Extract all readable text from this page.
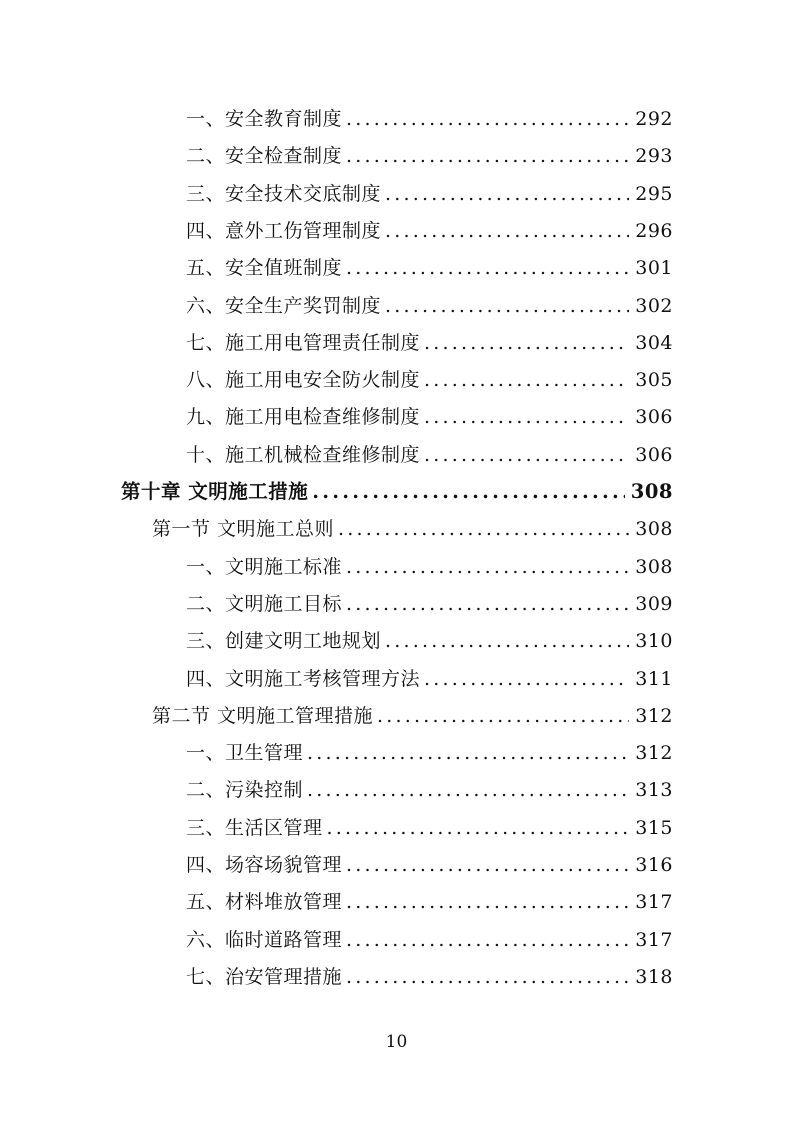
一、安全教育制度 .....	292
二、安全检查制度 .....	293
三、安全技术交底制度 .....	295
四、意外工伤管理制度 .....	296
五、安全值班制度 .....	301
六、安全生产奖罚制度 .....	302
七、施工用电管理责任制度 .....	304
八、施工用电安全防火制度 .....	305
九、施工用电检查维修制度 .....	306
十、施工机械检查维修制度 .....	306
第十章 文明施工措施 .....	308
第一节 文明施工总则 .....	308
一、文明施工标准 .....	308
二、文明施工目标 .....	309
三、创建文明工地规划 .....	310
四、文明施工考核管理方法 .....	311
第二节 文明施工管理措施 .....	312
一、卫生管理 .....	312
二、污染控制 .....	313
三、生活区管理 .....	315
四、场容场貌管理 .....	316
五、材料堆放管理 .....	317
六、临时道路管理 .....	317
七、治安管理措施 .....	318
10
